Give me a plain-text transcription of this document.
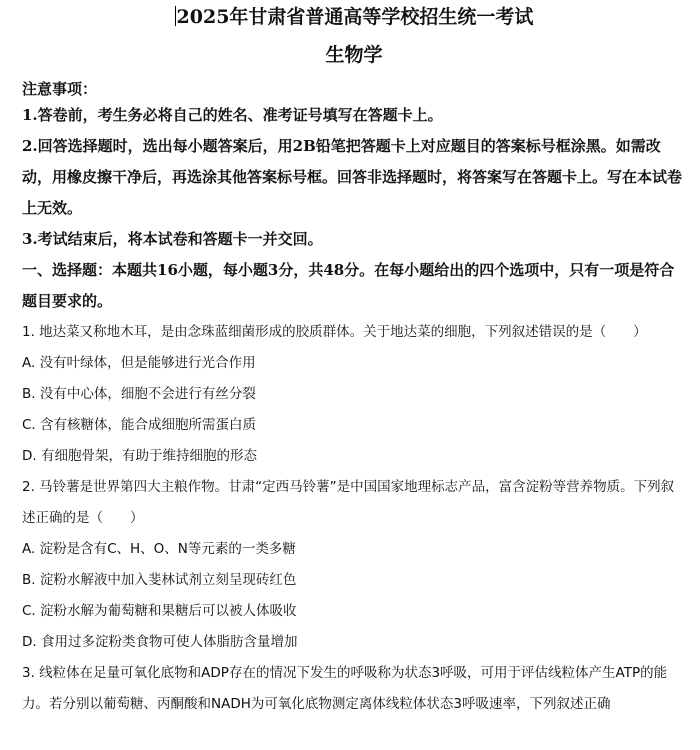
2025年甘肃省普通高等学校招生统一考试
生物学
注意事项：
1.答卷前，考生务必将自己的姓名、准考证号填写在答题卡上。
2.回答选择题时，选出每小题答案后，用2B铅笔把答题卡上对应题目的答案标号框涂黑。如需改动，用橡皮擦干净后，再选涂其他答案标号框。回答非选择题时，将答案写在答题卡上。写在本试卷上无效。
3.考试结束后，将本试卷和答题卡一并交回。
一、选择题：本题共16小题，每小题3分，共48分。在每小题给出的四个选项中，只有一项是符合题目要求的。
1. 地达菜又称地木耳，是由念珠蓝细菌形成的胶质群体。关于地达菜的细胞，下列叙述错误的是（　　）
A. 没有叶绿体，但是能够进行光合作用
B. 没有中心体，细胞不会进行有丝分裂
C. 含有核糖体，能合成细胞所需蛋白质
D. 有细胞骨架，有助于维持细胞的形态
2. 马铃薯是世界第四大主粮作物。甘肃“定西马铃薯”是中国国家地理标志产品，富含淀粉等营养物质。下列叙述正确的是（　　）
A. 淀粉是含有C、H、O、N等元素的一类多糖
B. 淀粉水解液中加入斐林试剂立刻呈现砖红色
C. 淀粉水解为葡萄糖和果糖后可以被人体吸收
D. 食用过多淀粉类食物可使人体脂肪含量增加
3. 线粒体在足量可氧化底物和ADP存在的情况下发生的呼吸称为状态3呼吸，可用于评估线粒体产生ATP的能力。若分别以葡萄糖、丙酮酸和NADH为可氧化底物测定离体线粒体状态3呼吸速率，下列叙述正确
